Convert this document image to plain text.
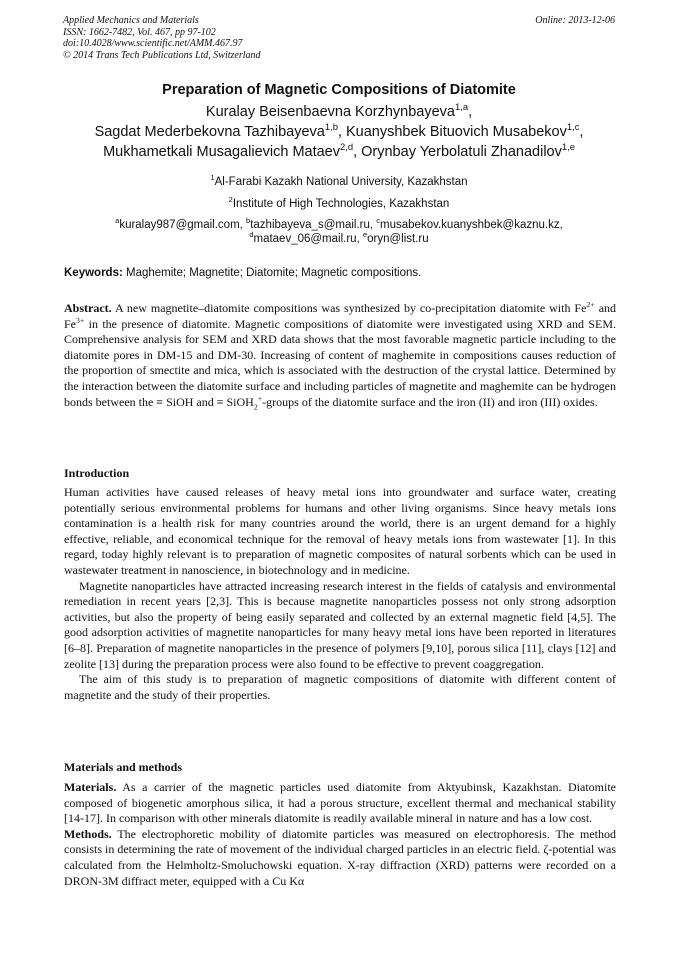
Applied Mechanics and Materials
ISSN: 1662-7482, Vol. 467, pp 97-102
doi:10.4028/www.scientific.net/AMM.467.97
© 2014 Trans Tech Publications Ltd, Switzerland
Online: 2013-12-06
Preparation of Magnetic Compositions of Diatomite
Kuralay Beisenbaevna Korzhynbayeva$^{1,a}$,
Sagdat Mederbekovna Tazhibayeva$^{1,b}$, Kuanyshbek Bituovich Musabekov$^{1,c}$,
Mukhametkali Musagalievich Mataev$^{2,d}$, Orynbay Yerbolatuli Zhanadilov$^{1,e}$
$^1$Al-Farabi Kazakh National University, Kazakhstan
$^2$Institute of High Technologies, Kazakhstan
$^a$kuralay987@gmail.com, $^b$tazhibayeva_s@mail.ru, $^c$musabekov.kuanyshbek@kaznu.kz,
$^d$mataev_06@mail.ru, $^e$oryn@list.ru
Keywords: Maghemite; Magnetite; Diatomite; Magnetic compositions.
Abstract. A new magnetite–diatomite compositions was synthesized by co-precipitation diatomite with $Fe^{2+}$ and $Fe^{3+}$ in the presence of diatomite. Magnetic compositions of diatomite were investigated using XRD and SEM. Comprehensive analysis for SEM and XRD data shows that the most favorable magnetic particle including to the diatomite pores in DM-15 and DM-30. Increasing of content of maghemite in compositions causes reduction of the proportion of smectite and mica, which is associated with the destruction of the crystal lattice. Determined by the interaction between the diatomite surface and including particles of magnetite and maghemite can be hydrogen bonds between the ≡ SiOH and ≡ SiOH$_2$+-groups of the diatomite surface and the iron (II) and iron (III) oxides.
Introduction
Human activities have caused releases of heavy metal ions into groundwater and surface water, creating potentially serious environmental problems for humans and other living organisms. Since heavy metals ions contamination is a health risk for many countries around the world, there is an urgent demand for a highly effective, reliable, and economical technique for the removal of heavy metals ions from wastewater [1]. In this regard, today highly relevant is to preparation of magnetic composites of natural sorbents which can be used in wastewater treatment in nanoscience, in biotechnology and in medicine.
Magnetite nanoparticles have attracted increasing research interest in the fields of catalysis and environmental remediation in recent years [2,3]. This is because magnetite nanoparticles possess not only strong adsorption activities, but also the property of being easily separated and collected by an external magnetic field [4,5]. The good adsorption activities of magnetite nanoparticles for many heavy metal ions have been reported in literatures [6–8]. Preparation of magnetite nanoparticles in the presence of polymers [9,10], porous silica [11], clays [12] and zeolite [13] during the preparation process were also found to be effective to prevent coaggregation.
The aim of this study is to preparation of magnetic compositions of diatomite with different content of magnetite and the study of their properties.
Materials and methods
Materials. As a carrier of the magnetic particles used diatomite from Aktyubinsk, Kazakhstan. Diatomite composed of biogenetic amorphous silica, it had a porous structure, excellent thermal and mechanical stability [14-17]. In comparison with other minerals diatomite is readily available mineral in nature and has a low cost.
Methods. The electrophoretic mobility of diatomite particles was measured on electrophoresis. The method consists in determining the rate of movement of the individual charged particles in an electric field. ζ-potential was calculated from the Helmholtz-Smoluchowski equation. X-ray diffraction (XRD) patterns were recorded on a DRON-3M diffract meter, equipped with a Cu Kα
